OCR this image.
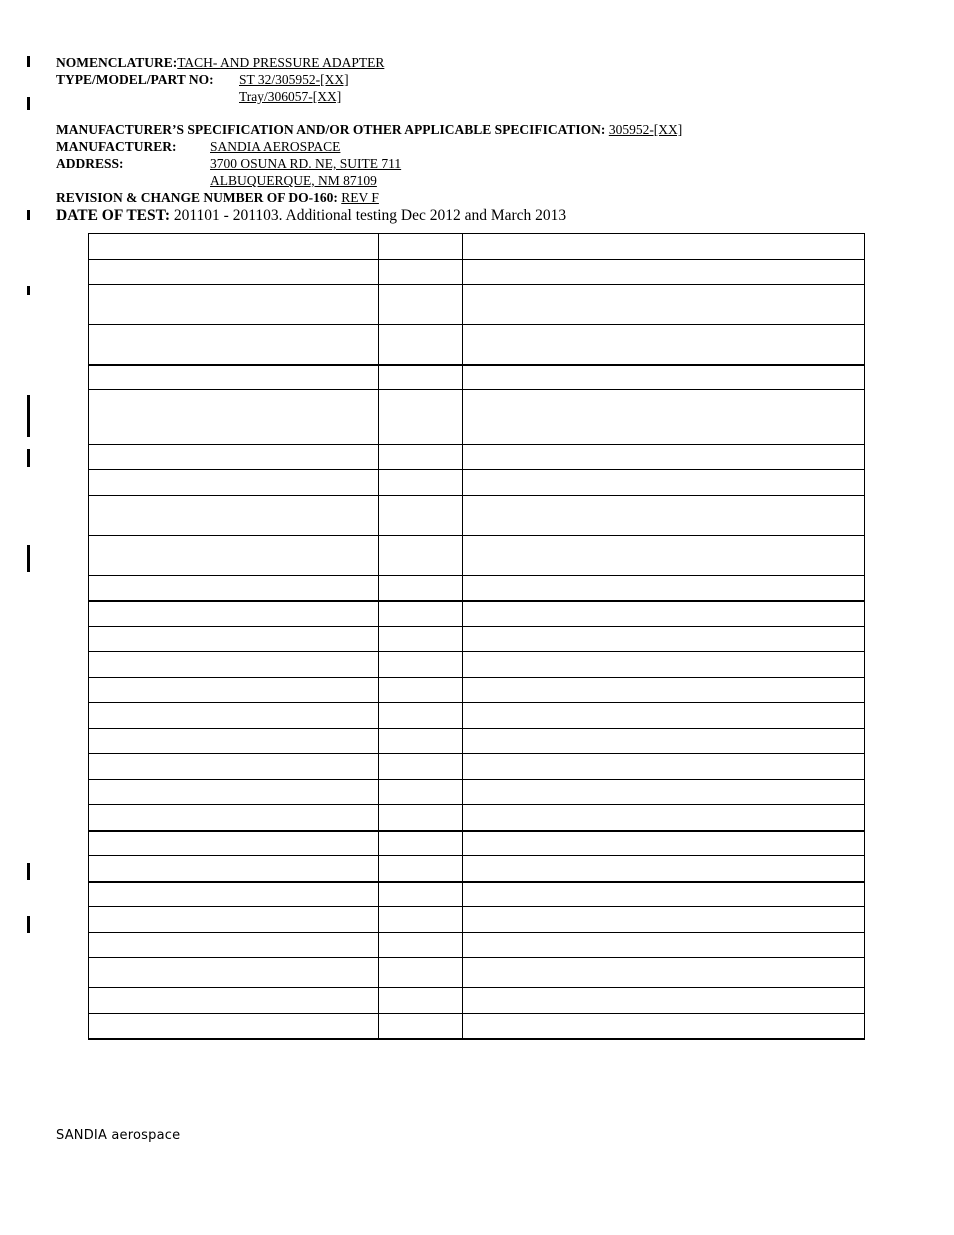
NOMENCLATURE:TACH- AND PRESSURE ADAPTER
TYPE/MODEL/PART NO: ST 32/305952-[XX]
Tray/306057-[XX]
MANUFACTURER’S SPECIFICATION AND/OR OTHER APPLICABLE SPECIFICATION: 305952-[XX]
MANUFACTURER: SANDIA AEROSPACE
ADDRESS:	3700 OSUNA RD. NE, SUITE 711
ALBUQUERQUE, NM 87109
REVISION & CHANGE NUMBER OF DO-160: REV F
DATE OF TEST: 201101 - 201103. Additional testing Dec 2012 and March 2013

SANDIA aerospace
